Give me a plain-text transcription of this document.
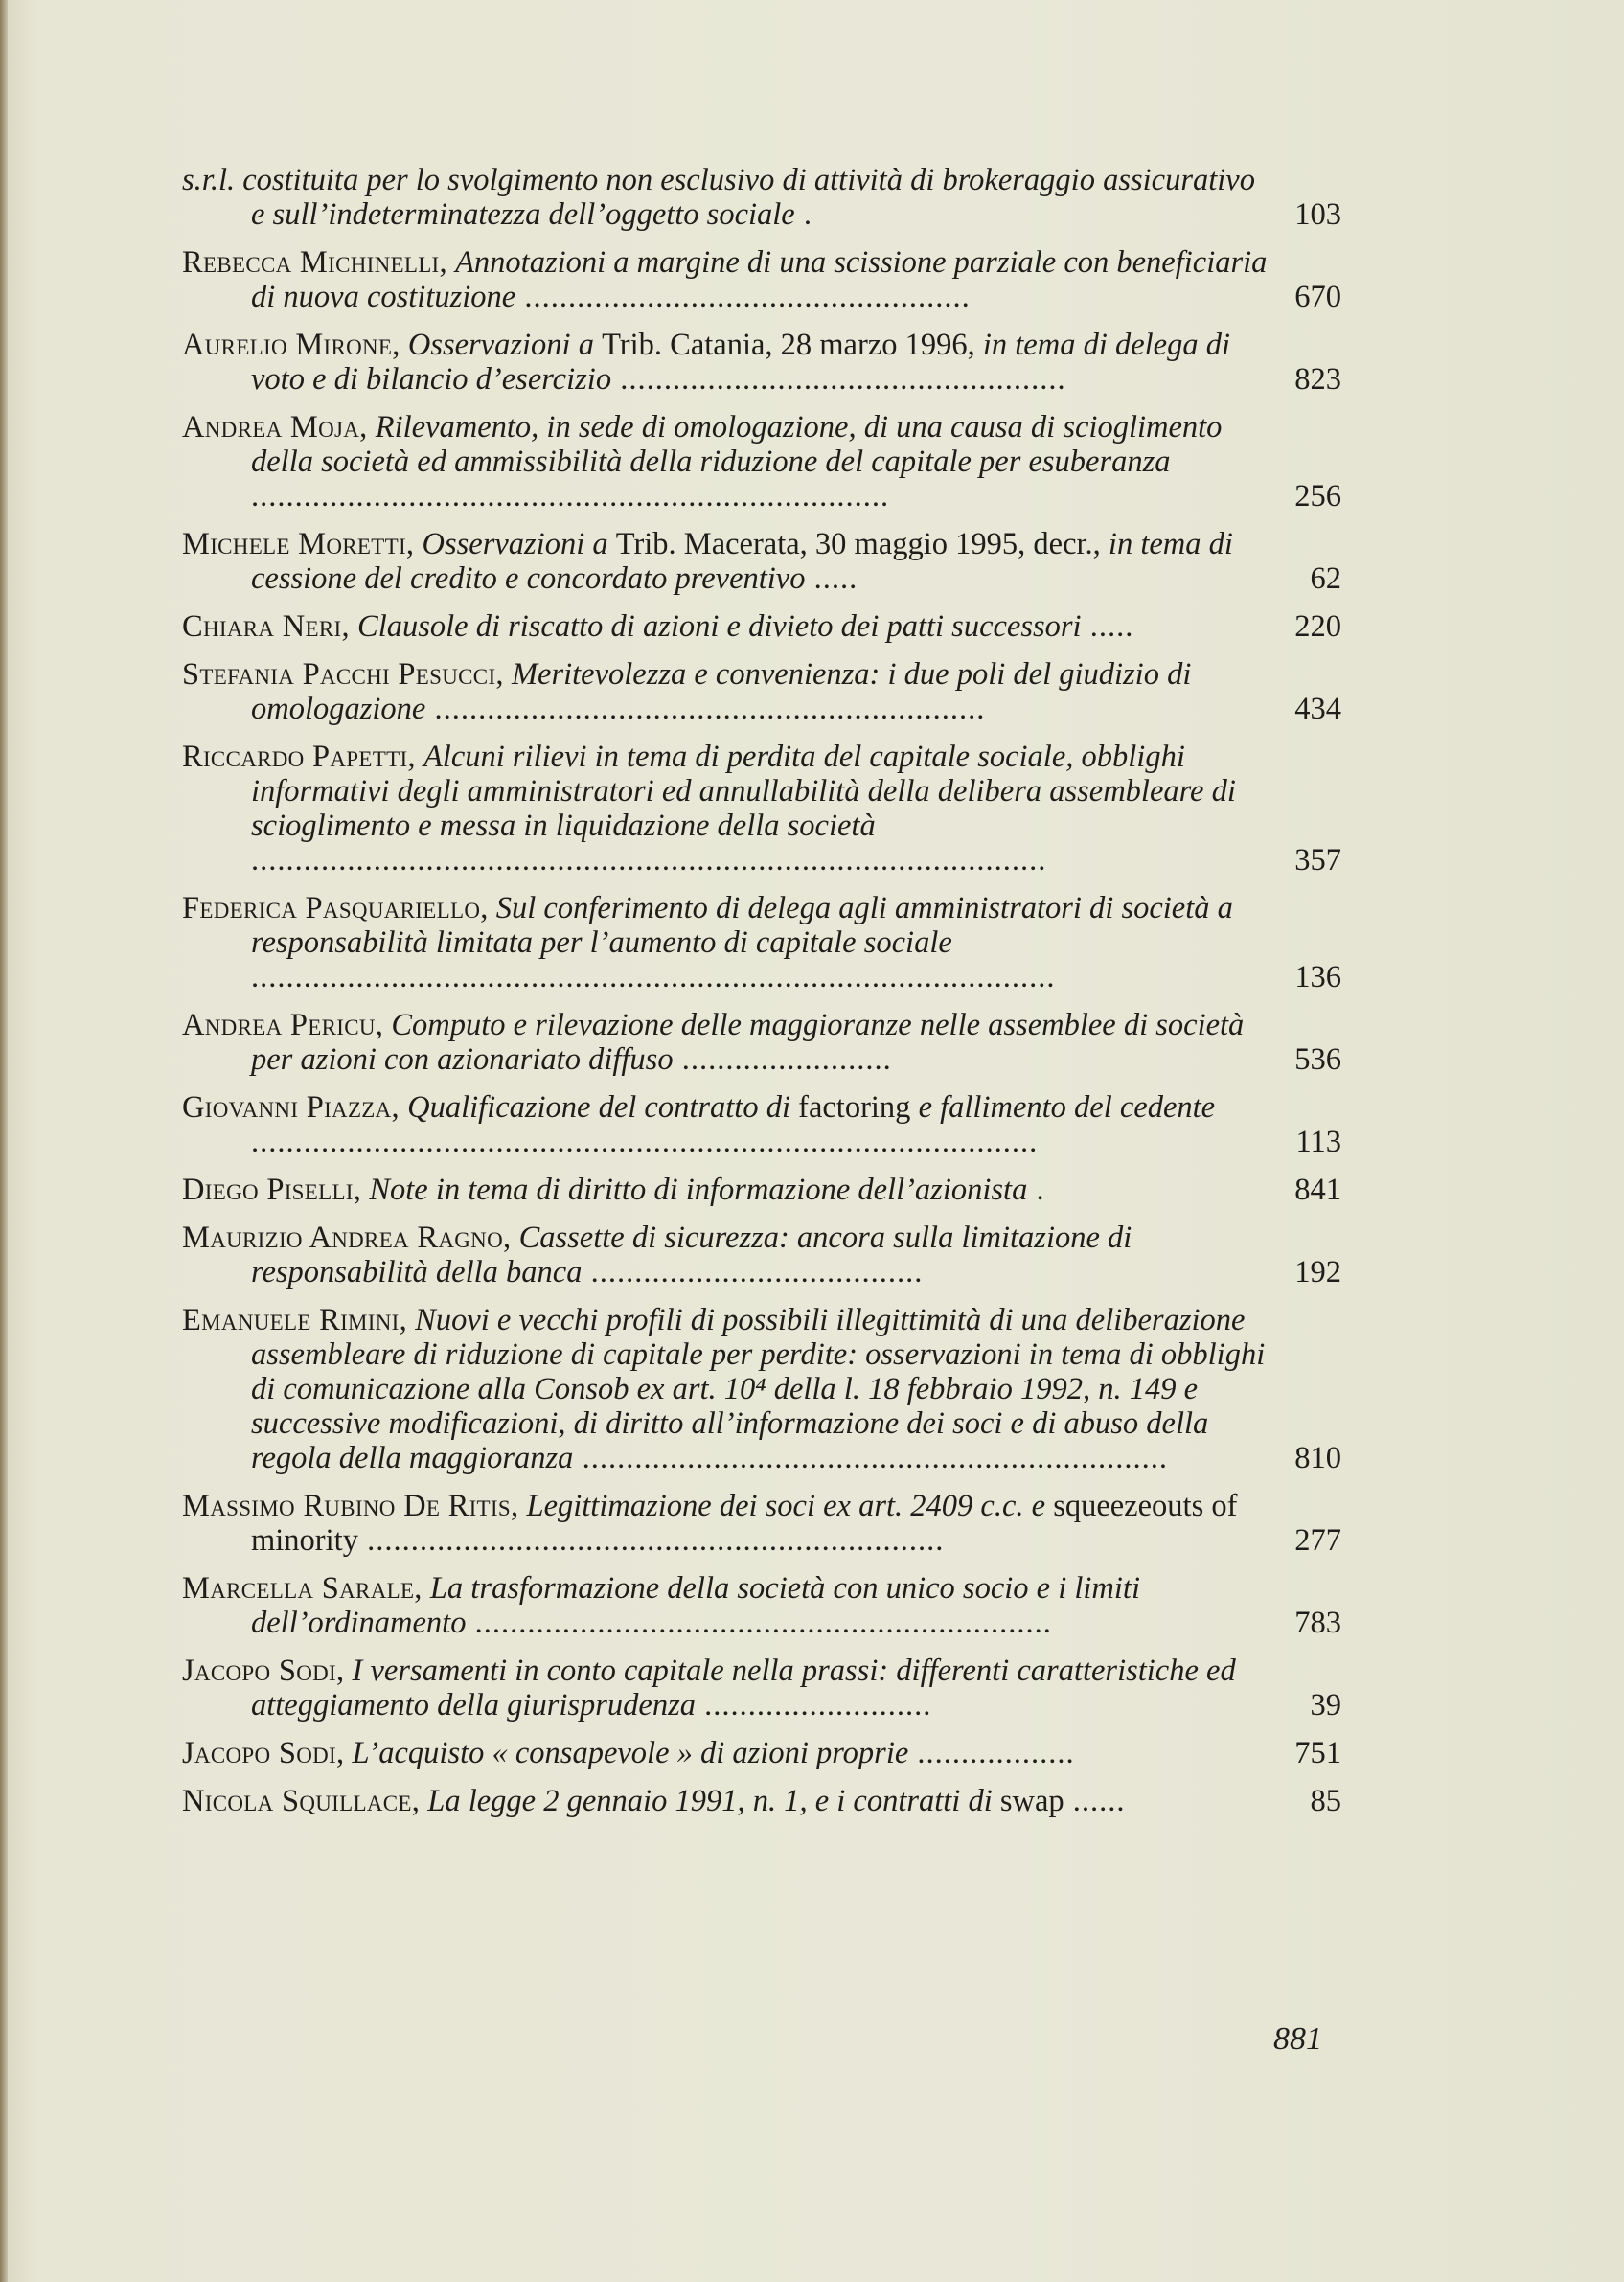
s.r.l. costituita per lo svolgimento non esclusivo di attività di brokeraggio assicurativo e sull’indeterminatezza dell’oggetto sociale .	103
Rebecca Michinelli, Annotazioni a margine di una scissione parziale con beneficiaria di nuova costituzione ...................................................	670
Aurelio Mirone, Osservazioni a Trib. Catania, 28 marzo 1996, in tema di delega di voto e di bilancio d’esercizio ...................................................	823
Andrea Moja, Rilevamento, in sede di omologazione, di una causa di scioglimento della società ed ammissibilità della riduzione del capitale per esuberanza .........................................................................	256
Michele Moretti, Osservazioni a Trib. Macerata, 30 maggio 1995, decr., in tema di cessione del credito e concordato preventivo .....	62
Chiara Neri, Clausole di riscatto di azioni e divieto dei patti successori .....	220
Stefania Pacchi Pesucci, Meritevolezza e convenienza: i due poli del giudizio di omologazione ...............................................................	434
Riccardo Papetti, Alcuni rilievi in tema di perdita del capitale sociale, obblighi informativi degli amministratori ed annullabilità della delibera assembleare di scioglimento e messa in liquidazione della società ...........................................................................................	357
Federica Pasquariello, Sul conferimento di delega agli amministratori di società a responsabilità limitata per l’aumento di capitale sociale ............................................................................................	136
Andrea Pericu, Computo e rilevazione delle maggioranze nelle assemblee di società per azioni con azionariato diffuso ........................	536
Giovanni Piazza, Qualificazione del contratto di factoring e fallimento del cedente ..........................................................................................	113
Diego Piselli, Note in tema di diritto di informazione dell’azionista .	841
Maurizio Andrea Ragno, Cassette di sicurezza: ancora sulla limitazione di responsabilità della banca ......................................	192
Emanuele Rimini, Nuovi e vecchi profili di possibili illegittimità di una deliberazione assembleare di riduzione di capitale per perdite: osservazioni in tema di obblighi di comunicazione alla Consob ex art. 10⁴ della l. 18 febbraio 1992, n. 149 e successive modificazioni, di diritto all’informazione dei soci e di abuso della regola della maggioranza ...................................................................	810
Massimo Rubino De Ritis, Legittimazione dei soci ex art. 2409 c.c. e squeezeouts of minority ..................................................................	277
Marcella Sarale, La trasformazione della società con unico socio e i limiti dell’ordinamento ..................................................................	783
Jacopo Sodi, I versamenti in conto capitale nella prassi: differenti caratteristiche ed atteggiamento della giurisprudenza ..........................	39
Jacopo Sodi, L’acquisto « consapevole » di azioni proprie ..................	751
Nicola Squillace, La legge 2 gennaio 1991, n. 1, e i contratti di swap ......	85
881
